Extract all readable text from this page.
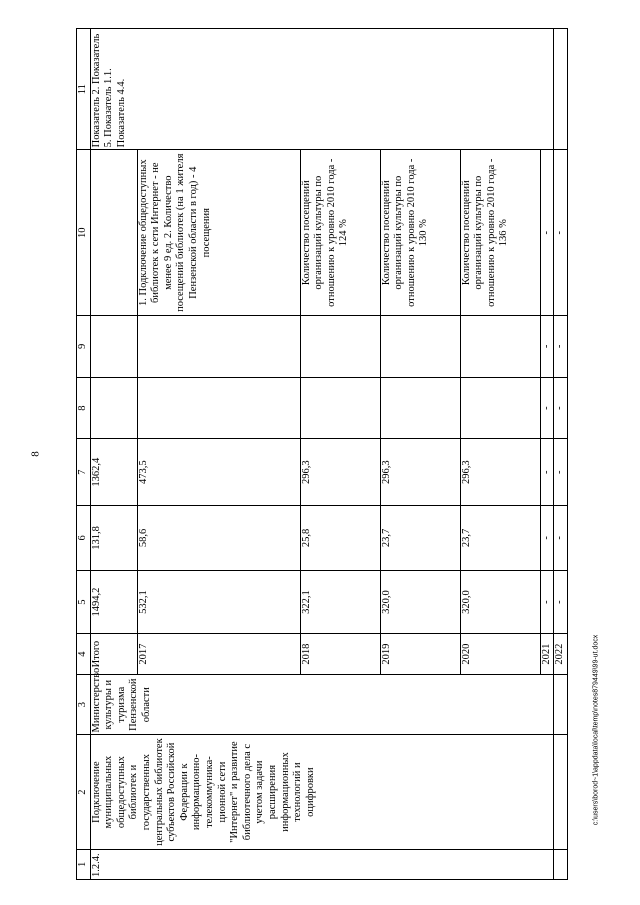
8
c:\users\borod~1\appdata\local\temp\notes879449\99-ut.docx
1	2	3	4	5	6	7	8	9	10	11
1.2.4.	Подключение муниципальных общедоступных библиотек и государственных центральных библиотек субъектов Российской Федерации к информационно-телекоммуника-ционной сети "Интернет" и развитие библиотечного дела с учетом задачи расширения информационных технологий и оцифровки	Министерство культуры и туризма Пензенской области	Итого	1494,2	131,8	1362,4				Показатель 2. Показатель 5. Показатель 1.1. Показатель 4.4.
			2017	532,1	58,6	473,5			1. Подключение общедоступных библиотек к сети Интернет - не менее 9 ед. 2. Количество посещений библиотек (на 1 жителя Пензенской области в год) - 4 посещения	
			2018	322,1	25,8	296,3			Количество посещений организаций культуры по отношению к уровню 2010 года - 124 %	
			2019	320,0	23,7	296,3			Количество посещений организаций культуры по отношению к уровню 2010 года - 130 %	
			2020	320,0	23,7	296,3			Количество посещений организаций культуры по отношению к уровню 2010 года - 136 %	
			2021	-	-	-	-	-	-	
			2022	-	-	-	-	-	-	
